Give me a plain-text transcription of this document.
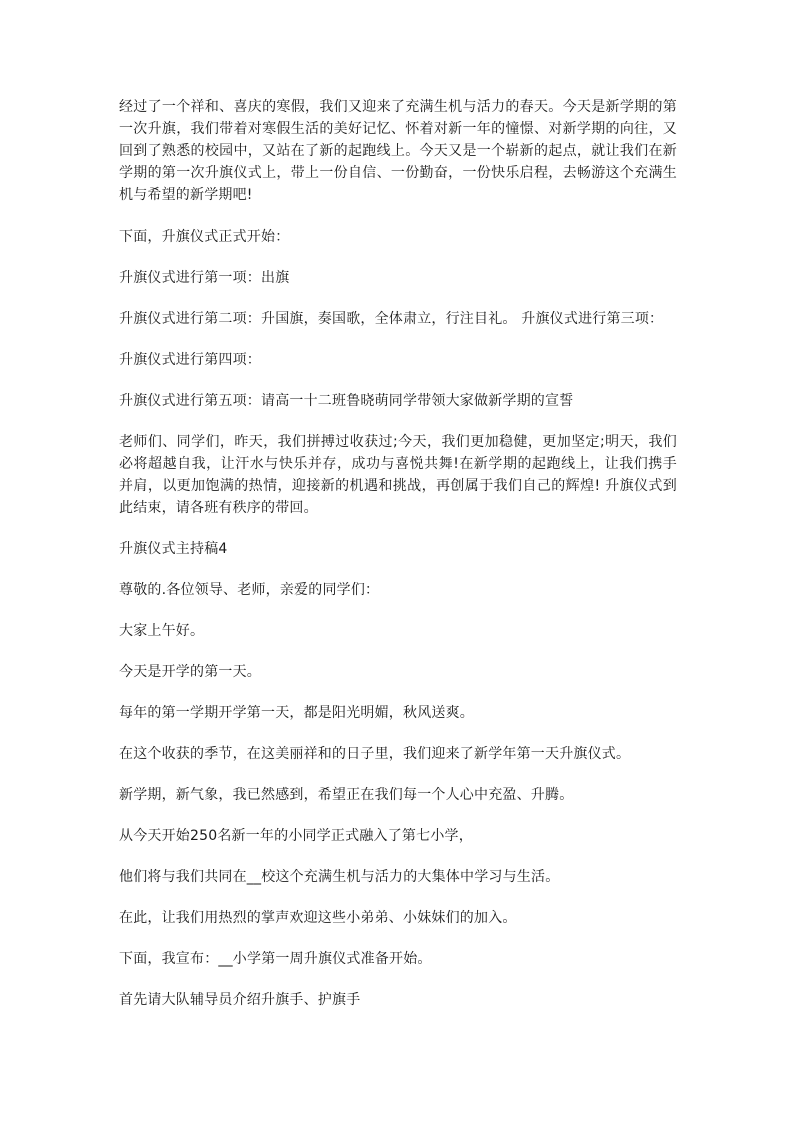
经过了一个祥和、喜庆的寒假，我们又迎来了充满生机与活力的春天。今天是新学期的第一次升旗，我们带着对寒假生活的美好记忆、怀着对新一年的憧憬、对新学期的向往，又回到了熟悉的校园中，又站在了新的起跑线上。今天又是一个崭新的起点，就让我们在新学期的第一次升旗仪式上，带上一份自信、一份勤奋，一份快乐启程，去畅游这个充满生机与希望的新学期吧!

下面，升旗仪式正式开始：

升旗仪式进行第一项：出旗

升旗仪式进行第二项：升国旗，奏国歌，全体肃立，行注目礼。 升旗仪式进行第三项：

升旗仪式进行第四项：

升旗仪式进行第五项：请高一十二班鲁晓萌同学带领大家做新学期的宣誓

老师们、同学们，昨天，我们拼搏过收获过;今天，我们更加稳健，更加坚定;明天，我们必将超越自我，让汗水与快乐并存，成功与喜悦共舞!在新学期的起跑线上，让我们携手并肩，以更加饱满的热情，迎接新的机遇和挑战，再创属于我们自己的辉煌! 升旗仪式到此结束，请各班有秩序的带回。

升旗仪式主持稿4

尊敬的.各位领导、老师，亲爱的同学们：

大家上午好。

今天是开学的第一天。

每年的第一学期开学第一天，都是阳光明媚，秋风送爽。

在这个收获的季节，在这美丽祥和的日子里，我们迎来了新学年第一天升旗仪式。

新学期，新气象，我已然感到，希望正在我们每一个人心中充盈、升腾。

从今天开始250名新一年的小同学正式融入了第七小学，

他们将与我们共同在__校这个充满生机与活力的大集体中学习与生活。

在此，让我们用热烈的掌声欢迎这些小弟弟、小妹妹们的加入。

下面，我宣布：__小学第一周升旗仪式准备开始。

首先请大队辅导员介绍升旗手、护旗手
